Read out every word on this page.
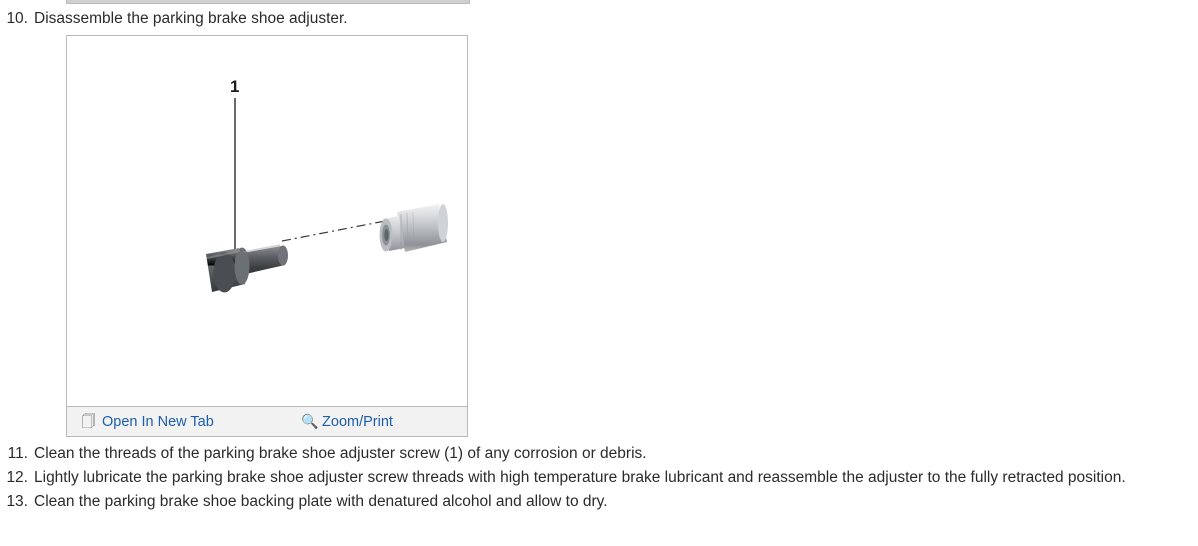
10. Disassemble the parking brake shoe adjuster.
1
🗍 Open In New Tab	🔍 Zoom/Print
11. Clean the threads of the parking brake shoe adjuster screw (1) of any corrosion or debris.
12. Lightly lubricate the parking brake shoe adjuster screw threads with high temperature brake lubricant and reassemble the adjuster to the fully retracted position.
13. Clean the parking brake shoe backing plate with denatured alcohol and allow to dry.
